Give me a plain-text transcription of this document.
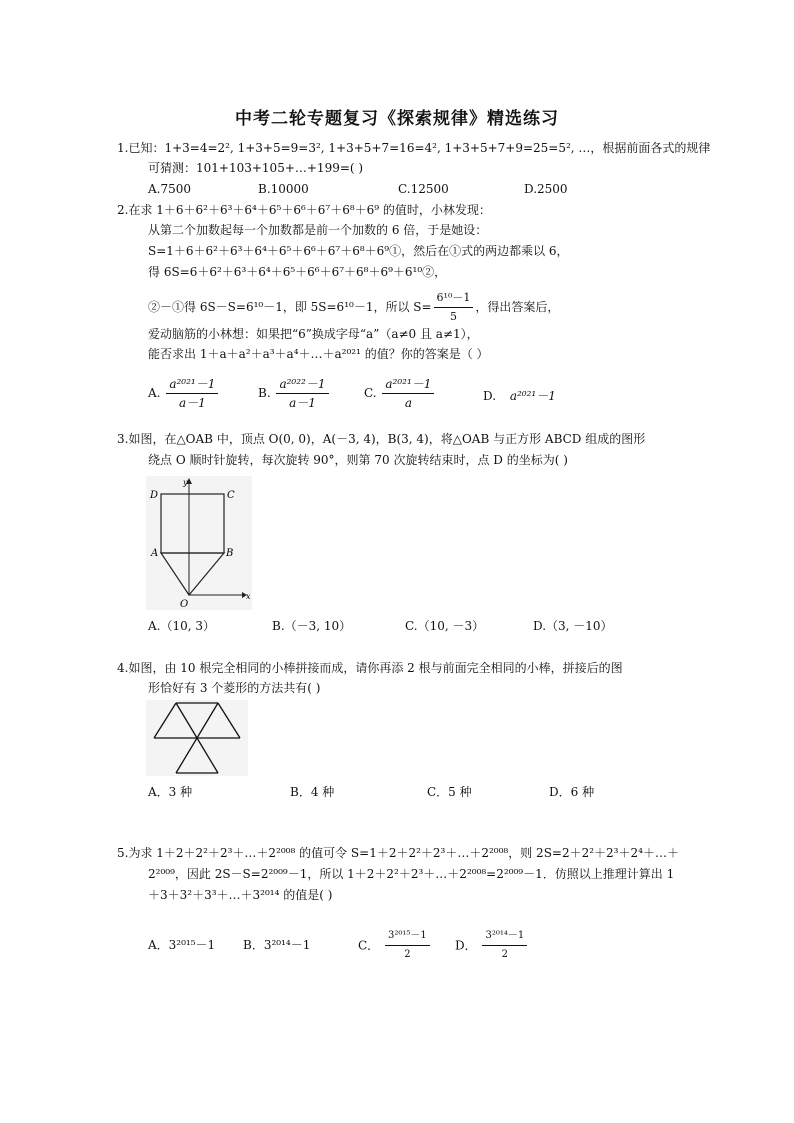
中考二轮专题复习《探索规律》精选练习
1.已知：1+3=4=2², 1+3+5=9=3², 1+3+5+7=16=4², 1+3+5+7+9=25=5², …，根据前面各式的规律
可猜测：101+103+105+…+199=( )
A.7500	B.10000	C.12500	D.2500
2.在求 1＋6＋6²＋6³＋6⁴＋6⁵＋6⁶＋6⁷＋6⁸＋6⁹ 的值时，小林发现：
从第二个加数起每一个加数都是前一个加数的 6 倍，于是她设：
S=1＋6＋6²＋6³＋6⁴＋6⁵＋6⁶＋6⁷＋6⁸＋6⁹①，然后在①式的两边都乘以 6，
得 6S=6＋6²＋6³＋6⁴＋6⁵＋6⁶＋6⁷＋6⁸＋6⁹＋6¹⁰②，
②－①得 6S－S=6¹⁰－1，即 5S=6¹⁰－1，所以 $S= \frac{\text{6¹⁰－1}}{5}$ ，得出答案后，
爱动脑筋的小林想：如果把“6”换成字母“a”（a≠0 且 a≠1），
能否求出 1＋a＋a²＋a³＋a⁴＋…＋a²⁰²¹ 的值？你的答案是（ ）
A. $\frac{\text{a²⁰²¹－1}}{a-1}$	B. $\frac{\text{a²⁰²²－1}}{a-1}$	C. $\frac{\text{a²⁰²¹－1}}{a}$	D. a²⁰²¹－1
3.如图，在△OAB 中，顶点 O(0, 0)，A(－3, 4)，B(3, 4)，将△OAB 与正方形 ABCD 组成的图形
绕点 O 顺时针旋转，每次旋转 90°，则第 70 次旋转结束时，点 D 的坐标为( )
D	C
A	B
O
x
y
A.（10, 3）	B.（－3, 10）	C.（10, －3）	D.（3, －10）
4.如图，由 10 根完全相同的小棒拼接而成，请你再添 2 根与前面完全相同的小棒，拼接后的图
形恰好有 3 个菱形的方法共有( )
A．3 种	B．4 种	C．5 种	D．6 种
5.为求 1＋2＋2²＋2³＋…＋2²⁰⁰⁸ 的值可令 S=1＋2＋2²＋2³＋…＋2²⁰⁰⁸，则 2S=2＋2²＋2³＋2⁴＋…＋
2²⁰⁰⁹，因此 2S－S=2²⁰⁰⁹－1，所以 1＋2＋2²＋2³＋…＋2²⁰⁰⁸=2²⁰⁰⁹－1．仿照以上推理计算出 1
＋3＋3²＋3³＋…＋3²⁰¹⁴ 的值是( )
A．3²⁰¹⁵－1 B．3²⁰¹⁴－1	C． $\frac{\text{3²⁰¹⁵－1}}{2}$ D． $\frac{\text{3²⁰¹⁴－1}}{2}$
